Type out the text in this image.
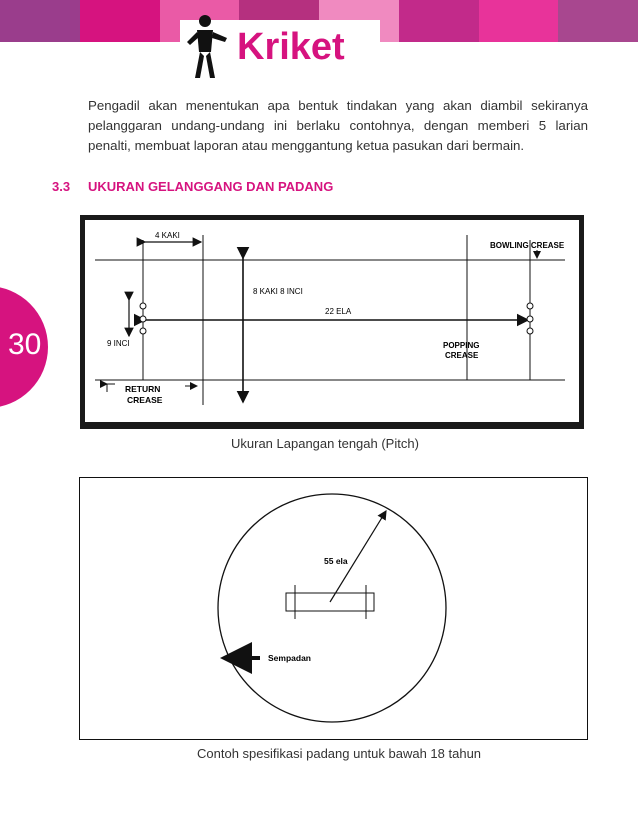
Kriket
Pengadil akan menentukan apa bentuk tindakan yang akan diambil sekiranya pelanggaran undang-undang ini berlaku contohnya, dengan memberi 5 larian penalti, membuat laporan atau menggantung ketua pasukan dari bermain.
3.3 UKURAN GELANGGANG DAN PADANG
30
4 KAKI
BOWLING CREASE
8 KAKI 8 INCI
22 ELA
9 INCI	POPPING
CREASE
RETURN
CREASE
Ukuran Lapangan tengah (Pitch)
55 ela
Sempadan
Contoh spesifikasi padang untuk bawah 18 tahun
